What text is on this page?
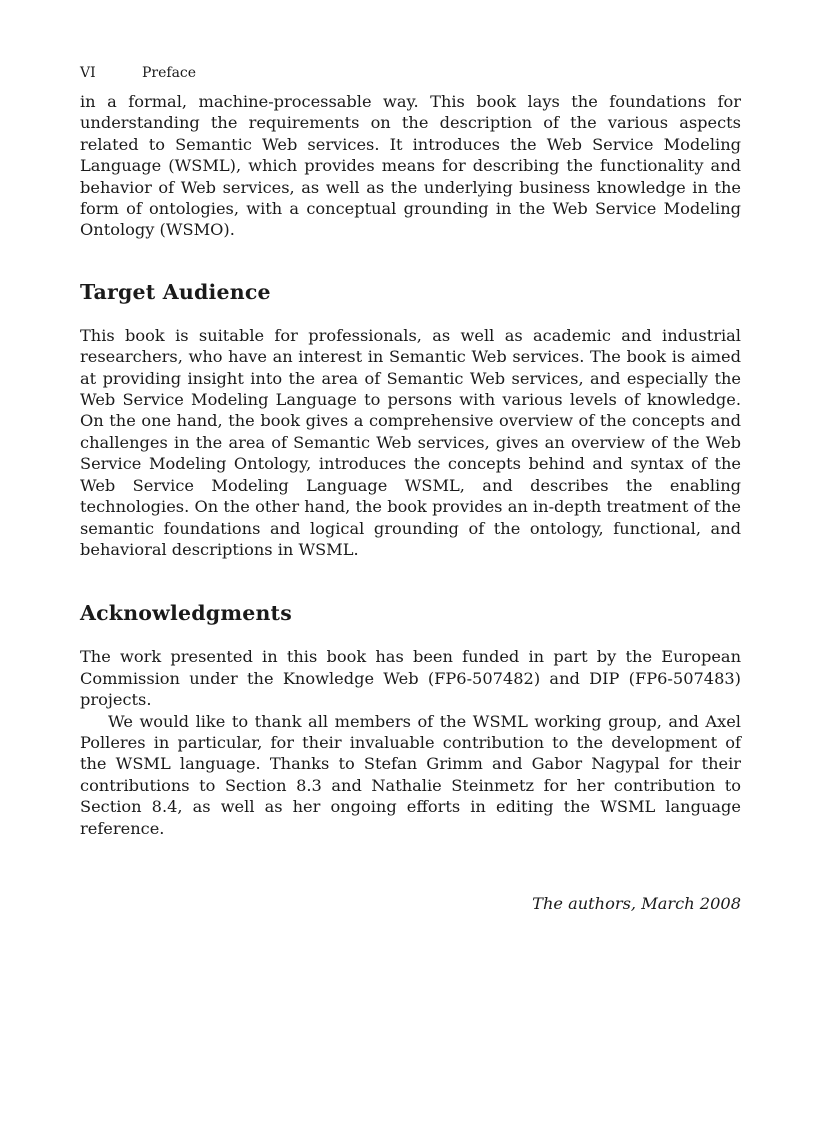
VI	Preface

in a formal, machine-processable way. This book lays the foundations for understanding the requirements on the description of the various aspects related to Semantic Web services. It introduces the Web Service Modeling Language (WSML), which provides means for describing the functionality and behavior of Web services, as well as the underlying business knowledge in the form of ontologies, with a conceptual grounding in the Web Service Modeling Ontology (WSMO).

Target Audience

This book is suitable for professionals, as well as academic and industrial researchers, who have an interest in Semantic Web services. The book is aimed at providing insight into the area of Semantic Web services, and especially the Web Service Modeling Language to persons with various levels of knowledge. On the one hand, the book gives a comprehensive overview of the concepts and challenges in the area of Semantic Web services, gives an overview of the Web Service Modeling Ontology, introduces the concepts behind and syntax of the Web Service Modeling Language WSML, and describes the enabling technologies. On the other hand, the book provides an in-depth treatment of the semantic foundations and logical grounding of the ontology, functional, and behavioral descriptions in WSML.

Acknowledgments

The work presented in this book has been funded in part by the European Commission under the Knowledge Web (FP6-507482) and DIP (FP6-507483) projects.

We would like to thank all members of the WSML working group, and Axel Polleres in particular, for their invaluable contribution to the development of the WSML language. Thanks to Stefan Grimm and Gabor Nagypal for their contributions to Section 8.3 and Nathalie Steinmetz for her contribution to Section 8.4, as well as her ongoing efforts in editing the WSML language reference.

The authors, March 2008
